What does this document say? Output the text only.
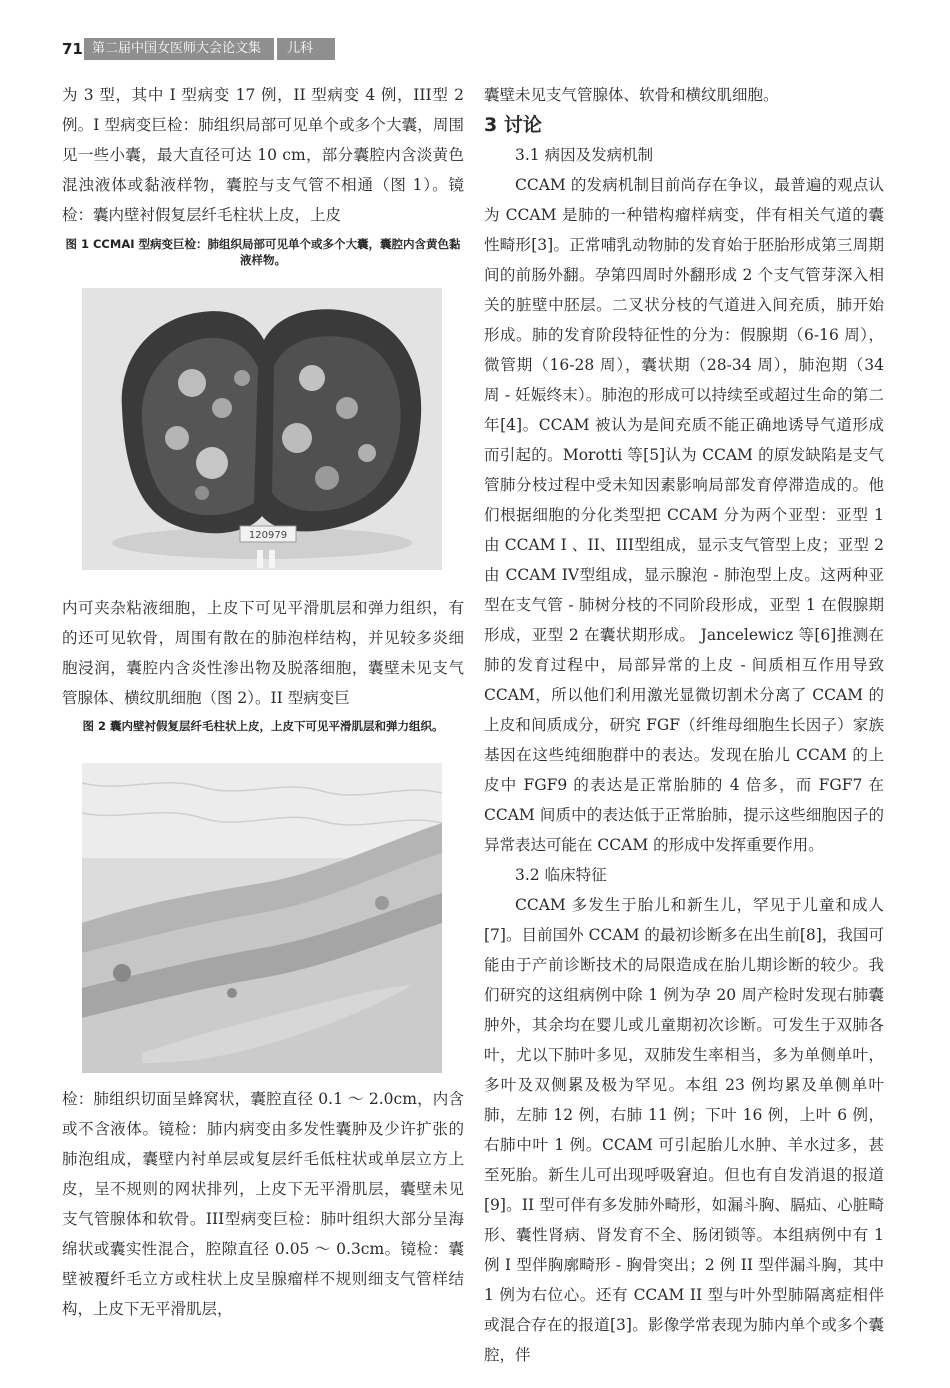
71 第二届中国女医师大会论文集	儿科

为 3 型，其中 I 型病变 17 例，II 型病变 4 例，III型 2 例。I 型病变巨检：肺组织局部可见单个或多个大囊，周围见一些小囊，最大直径可达 10 cm，部分囊腔内含淡黄色混浊液体或黏液样物，囊腔与支气管不相通（图 1）。镜检：囊内壁衬假复层纤毛柱状上皮，上皮

图 1 CCMAI 型病变巨检：肺组织局部可见单个或多个大囊，囊腔内含黄色黏液样物。
120979

内可夹杂粘液细胞，上皮下可见平滑肌层和弹力组织，有的还可见软骨，周围有散在的肺泡样结构，并见较多炎细胞浸润，囊腔内含炎性渗出物及脱落细胞，囊壁未见支气管腺体、横纹肌细胞（图 2）。II 型病变巨

图 2 囊内壁衬假复层纤毛柱状上皮，上皮下可见平滑肌层和弹力组织。

检：肺组织切面呈蜂窝状，囊腔直径 0.1 ～ 2.0cm，内含或不含液体。镜检：肺内病变由多发性囊肿及少许扩张的肺泡组成，囊壁内衬单层或复层纤毛低柱状或单层立方上皮，呈不规则的网状排列，上皮下无平滑肌层，囊壁未见支气管腺体和软骨。III型病变巨检：肺叶组织大部分呈海绵状或囊实性混合，腔隙直径 0.05 ～ 0.3cm。镜检：囊壁被覆纤毛立方或柱状上皮呈腺瘤样不规则细支气管样结构，上皮下无平滑肌层，

囊壁未见支气管腺体、软骨和横纹肌细胞。

3 讨论

3.1 病因及发病机制

CCAM 的发病机制目前尚存在争议，最普遍的观点认为 CCAM 是肺的一种错构瘤样病变，伴有相关气道的囊性畸形[3]。正常哺乳动物肺的发育始于胚胎形成第三周期间的前肠外翻。孕第四周时外翻形成 2 个支气管芽深入相关的脏壁中胚层。二叉状分枝的气道进入间充质，肺开始形成。肺的发育阶段特征性的分为：假腺期（6-16 周），微管期（16-28 周），囊状期（28-34 周），肺泡期（34 周 - 妊娠终末）。肺泡的形成可以持续至或超过生命的第二年[4]。CCAM 被认为是间充质不能正确地诱导气道形成而引起的。Morotti 等[5]认为 CCAM 的原发缺陷是支气管肺分枝过程中受未知因素影响局部发育停滞造成的。他们根据细胞的分化类型把 CCAM 分为两个亚型：亚型 1 由 CCAM I 、II、III型组成，显示支气管型上皮；亚型 2 由 CCAM IV型组成，显示腺泡 - 肺泡型上皮。这两种亚型在支气管 - 肺树分枝的不同阶段形成，亚型 1 在假腺期形成，亚型 2 在囊状期形成。 Jancelewicz 等[6]推测在肺的发育过程中，局部异常的上皮 - 间质相互作用导致 CCAM，所以他们利用激光显微切割术分离了 CCAM 的上皮和间质成分，研究 FGF（纤维母细胞生长因子）家族基因在这些纯细胞群中的表达。发现在胎儿 CCAM 的上皮中 FGF9 的表达是正常胎肺的 4 倍多，而 FGF7 在 CCAM 间质中的表达低于正常胎肺，提示这些细胞因子的异常表达可能在 CCAM 的形成中发挥重要作用。

3.2 临床特征

CCAM 多发生于胎儿和新生儿，罕见于儿童和成人[7]。目前国外 CCAM 的最初诊断多在出生前[8]，我国可能由于产前诊断技术的局限造成在胎儿期诊断的较少。我们研究的这组病例中除 1 例为孕 20 周产检时发现右肺囊肿外，其余均在婴儿或儿童期初次诊断。可发生于双肺各叶，尤以下肺叶多见，双肺发生率相当，多为单侧单叶，多叶及双侧累及极为罕见。本组 23 例均累及单侧单叶肺，左肺 12 例，右肺 11 例；下叶 16 例，上叶 6 例，右肺中叶 1 例。CCAM 可引起胎儿水肿、羊水过多，甚至死胎。新生儿可出现呼吸窘迫。但也有自发消退的报道[9]。II 型可伴有多发肺外畸形，如漏斗胸、膈疝、心脏畸形、囊性肾病、肾发育不全、肠闭锁等。本组病例中有 1 例 I 型伴胸廓畸形 - 胸骨突出；2 例 II 型伴漏斗胸，其中 1 例为右位心。还有 CCAM II 型与叶外型肺隔离症相伴或混合存在的报道[3]。影像学常表现为肺内单个或多个囊腔，伴
